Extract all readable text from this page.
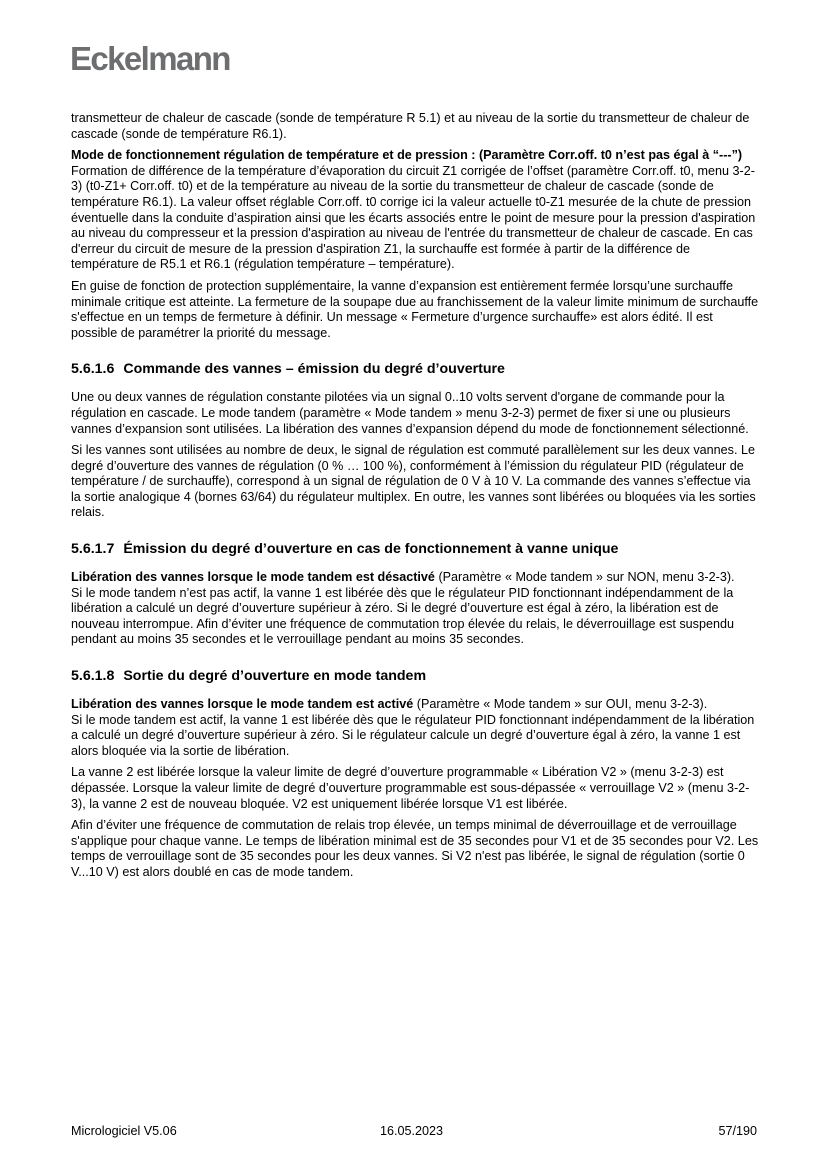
Eckelmann

transmetteur de chaleur de cascade (sonde de température R 5.1) et au niveau de la sortie du transmetteur de chaleur de cascade (sonde de température R6.1).

Mode de fonctionnement régulation de température et de pression : (Paramètre Corr.off. t0 n’est pas égal à “---”)
Formation de différence de la température d’évaporation du circuit Z1 corrigée de l’offset (paramètre Corr.off. t0, menu 3-2-3) (t0-Z1+ Corr.off. t0) et de la température au niveau de la sortie du transmetteur de chaleur de cascade (sonde de température R6.1). La valeur offset réglable Corr.off. t0 corrige ici la valeur actuelle t0-Z1 mesurée de la chute de pression éventuelle dans la conduite d’aspiration ainsi que les écarts associés entre le point de mesure pour la pression d'aspiration au niveau du compresseur et la pression d'aspiration au niveau de l'entrée du transmetteur de chaleur de cascade. En cas d'erreur du circuit de mesure de la pression d'aspiration Z1, la surchauffe est formée à partir de la différence de température de R5.1 et R6.1 (régulation température – température).

En guise de fonction de protection supplémentaire, la vanne d’expansion est entièrement fermée lorsqu’une surchauffe minimale critique est atteinte. La fermeture de la soupape due au franchissement de la valeur limite minimum de surchauffe s'effectue en un temps de fermeture à définir. Un message « Fermeture d’urgence surchauffe» est alors édité. Il est possible de paramétrer la priorité du message.

5.6.1.6 Commande des vannes – émission du degré d’ouverture

Une ou deux vannes de régulation constante pilotées via un signal 0..10 volts servent d'organe de commande pour la régulation en cascade. Le mode tandem (paramètre « Mode tandem » menu 3-2-3) permet de fixer si une ou plusieurs vannes d’expansion sont utilisées. La libération des vannes d’expansion dépend du mode de fonctionnement sélectionné.

Si les vannes sont utilisées au nombre de deux, le signal de régulation est commuté parallèlement sur les deux vannes. Le degré d’ouverture des vannes de régulation (0 % … 100 %), conformément à l’émission du régulateur PID (régulateur de température / de surchauffe), correspond à un signal de régulation de 0 V à 10 V. La commande des vannes s’effectue via la sortie analogique 4 (bornes 63/64) du régulateur multiplex. En outre, les vannes sont libérées ou bloquées via les sorties relais.

5.6.1.7 Émission du degré d’ouverture en cas de fonctionnement à vanne unique

Libération des vannes lorsque le mode tandem est désactivé (Paramètre « Mode tandem » sur NON, menu 3-2-3).
Si le mode tandem n’est pas actif, la vanne 1 est libérée dès que le régulateur PID fonctionnant indépendamment de la libération a calculé un degré d’ouverture supérieur à zéro. Si le degré d’ouverture est égal à zéro, la libération est de nouveau interrompue. Afin d’éviter une fréquence de commutation trop élevée du relais, le déverrouillage est suspendu pendant au moins 35 secondes et le verrouillage pendant au moins 35 secondes.

5.6.1.8 Sortie du degré d’ouverture en mode tandem

Libération des vannes lorsque le mode tandem est activé (Paramètre « Mode tandem » sur OUI, menu 3-2-3).
Si le mode tandem est actif, la vanne 1 est libérée dès que le régulateur PID fonctionnant indépendamment de la libération a calculé un degré d’ouverture supérieur à zéro. Si le régulateur calcule un degré d’ouverture égal à zéro, la vanne 1 est alors bloquée via la sortie de libération.

La vanne 2 est libérée lorsque la valeur limite de degré d’ouverture programmable « Libération V2 » (menu 3-2-3) est dépassée. Lorsque la valeur limite de degré d’ouverture programmable est sous-dépassée « verrouillage V2 » (menu 3-2-3), la vanne 2 est de nouveau bloquée. V2 est uniquement libérée lorsque V1 est libérée.

Afin d’éviter une fréquence de commutation de relais trop élevée, un temps minimal de déverrouillage et de verrouillage s'applique pour chaque vanne. Le temps de libération minimal est de 35 secondes pour V1 et de 35 secondes pour V2. Les temps de verrouillage sont de 35 secondes pour les deux vannes. Si V2 n'est pas libérée, le signal de régulation (sortie 0 V...10 V) est alors doublé en cas de mode tandem.

Micrologiciel V5.06	16.05.2023	57/190
